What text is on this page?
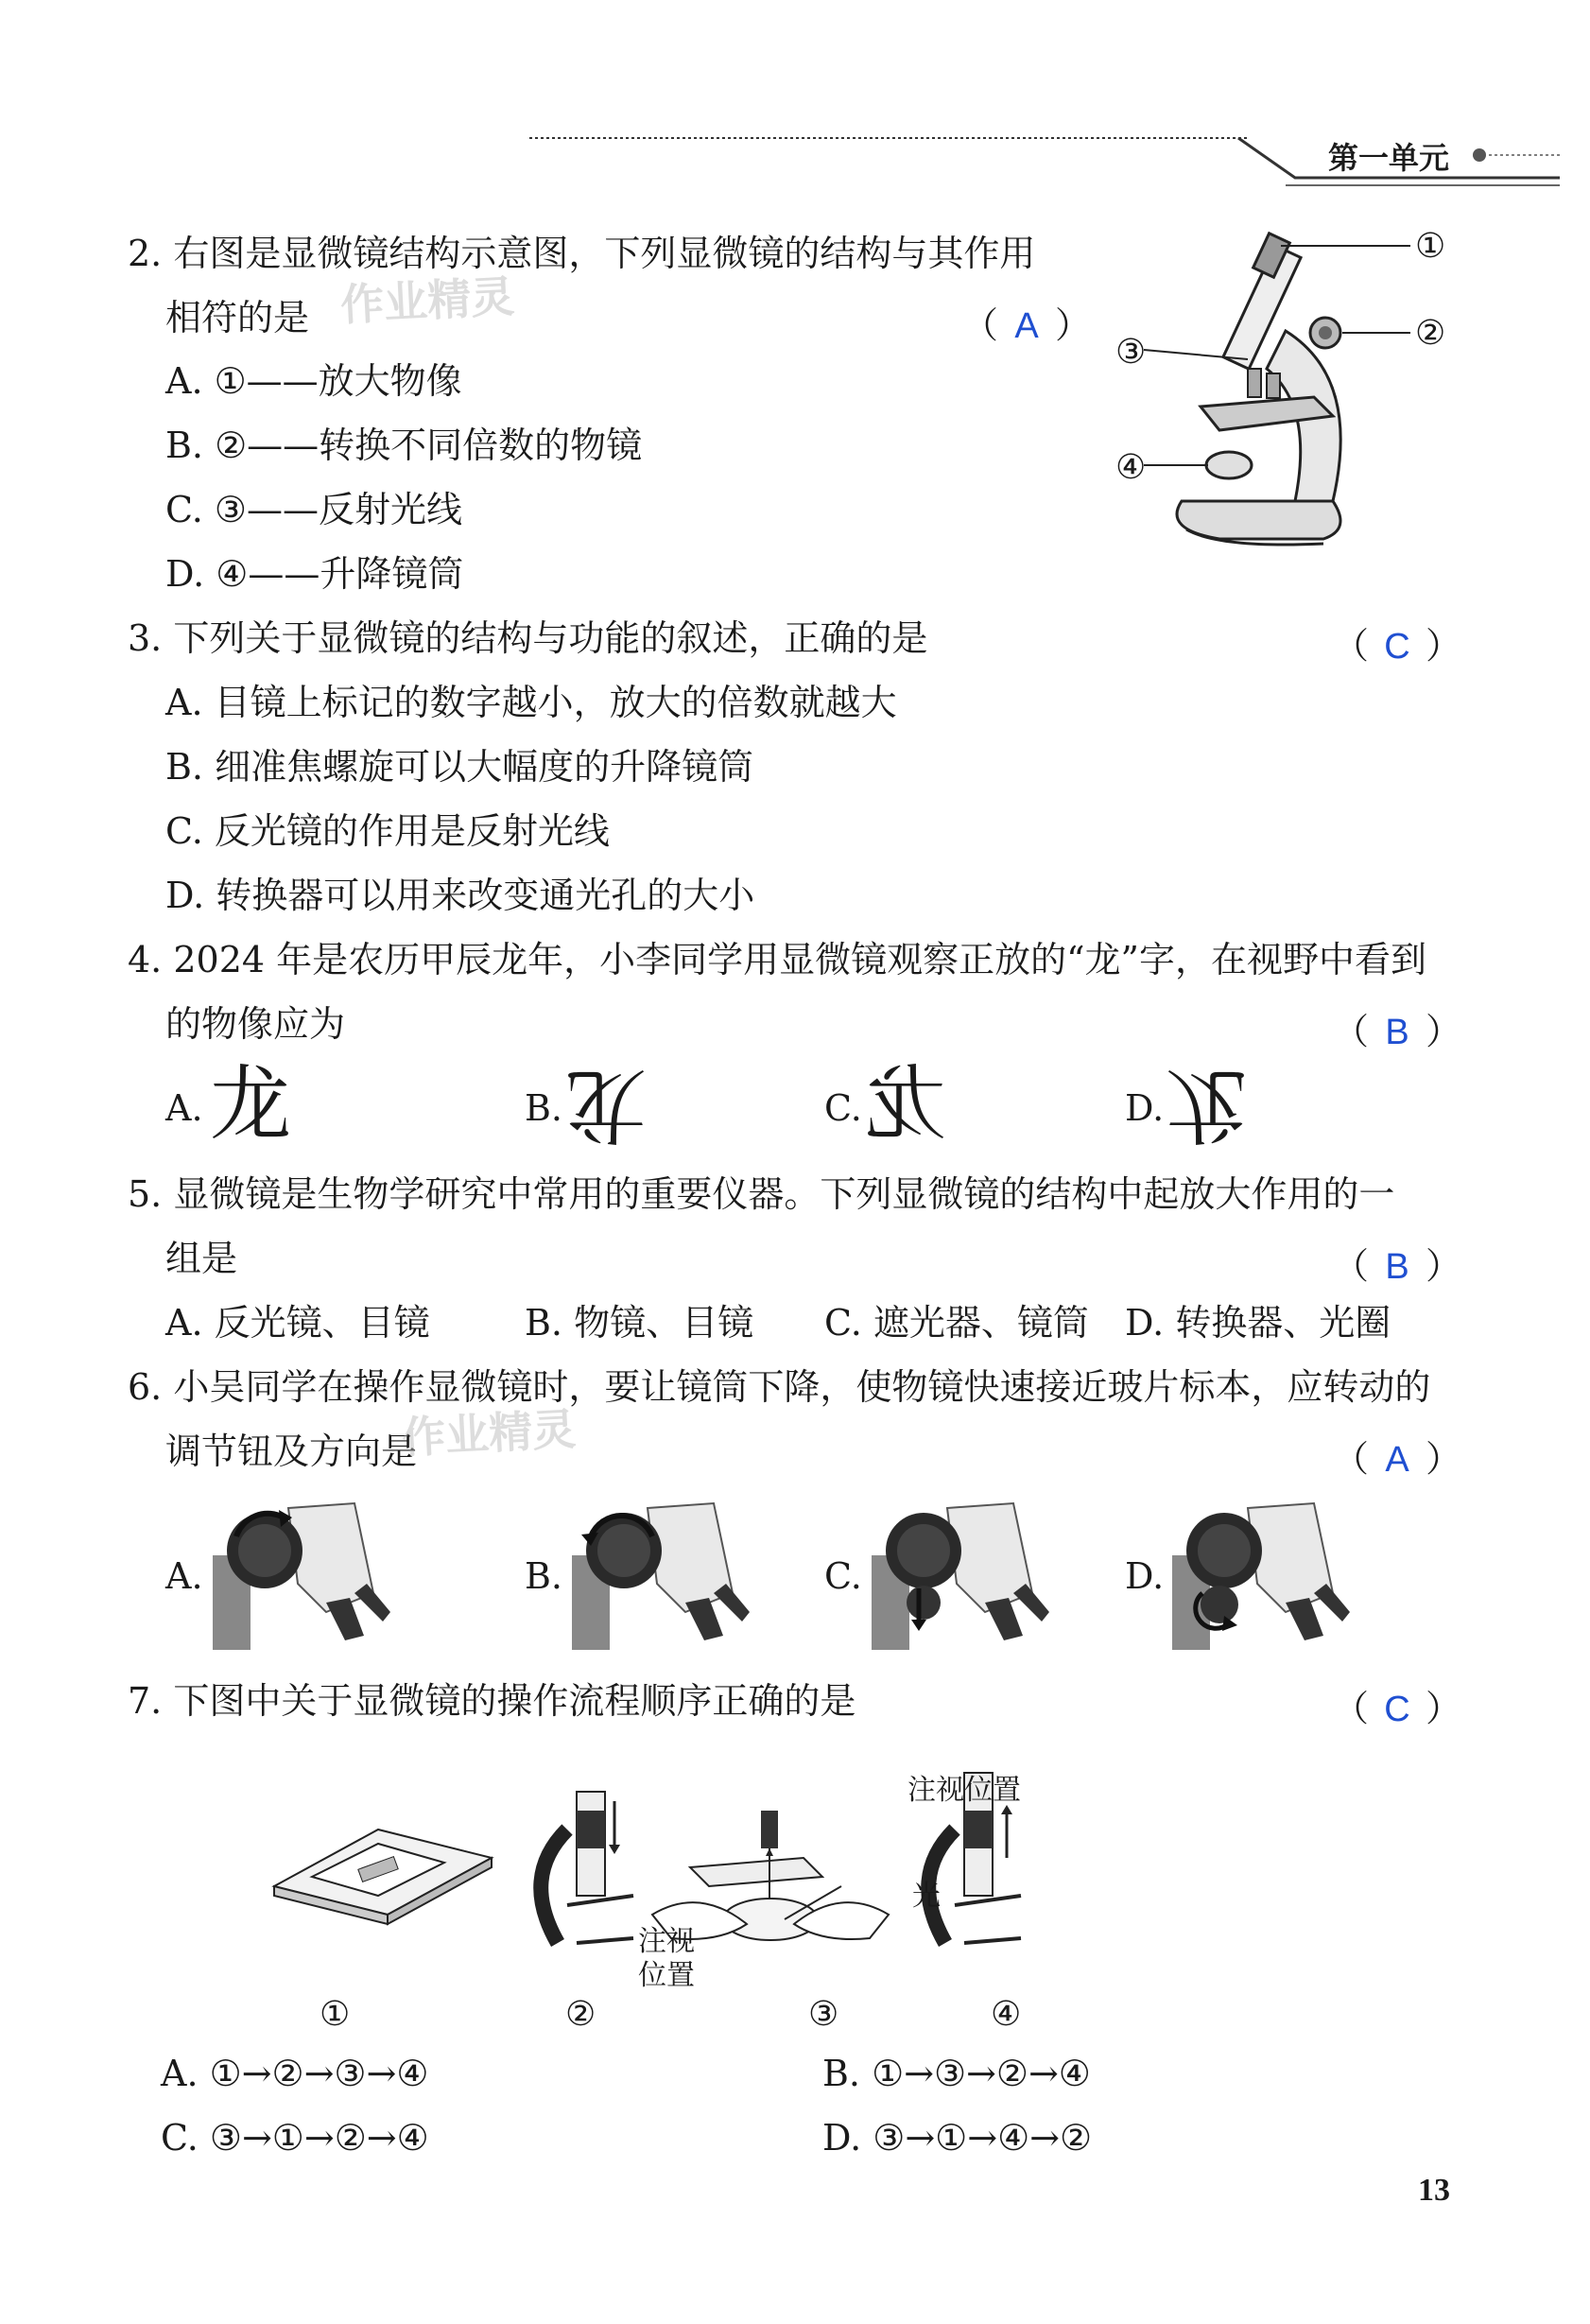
第一单元
2. 右图是显微镜结构示意图，下列显微镜的结构与其作用
相符的是	（ A ）
A. ①——放大物像
B. ②——转换不同倍数的物镜
C. ③——反射光线
D. ④——升降镜筒
①
②
③
④
作业精灵
3. 下列关于显微镜的结构与功能的叙述，正确的是	（ C ）
A. 目镜上标记的数字越小，放大的倍数就越大
B. 细准焦螺旋可以大幅度的升降镜筒
C. 反光镜的作用是反射光线
D. 转换器可以用来改变通光孔的大小
4. 2024 年是农历甲辰龙年，小李同学用显微镜观察正放的“龙”字，在视野中看到
的物像应为	（ B ）
A. 龙	B. 龙	C. 龙	D. 龙
5. 显微镜是生物学研究中常用的重要仪器。下列显微镜的结构中起放大作用的一
组是	（ B ）
A. 反光镜、目镜	B. 物镜、目镜 C. 遮光器、镜筒 D. 转换器、光圈
6. 小吴同学在操作显微镜时，要让镜筒下降，使物镜快速接近玻片标本，应转动的
调节钮及方向是	（ A ）
作业精灵
A.	B.	C.	D.
7. 下图中关于显微镜的操作流程顺序正确的是	（ C ）
注视位置
注视
位置
光
①	②	③	④
A. ①→②→③→④	B. ①→③→②→④
C. ③→①→②→④	D. ③→①→④→②
13
